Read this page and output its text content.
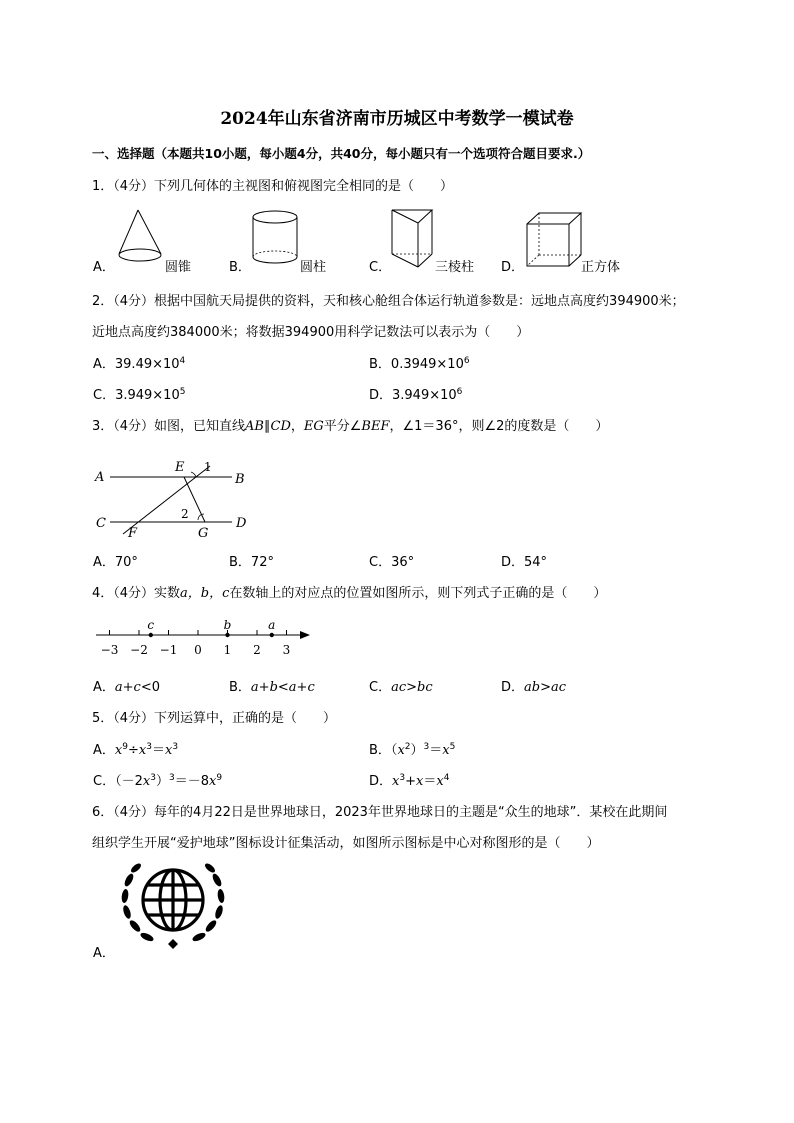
2024年山东省济南市历城区中考数学一模试卷
一、选择题（本题共10小题，每小题4分，共40分，每小题只有一个选项符合题目要求.）
1．（4分）下列几何体的主视图和俯视图完全相同的是（　　）
A．	圆锥	B．	圆柱	C．	三棱柱 D．	正方体
2．（4分）根据中国航天局提供的资料，天和核心舱组合体运行轨道参数是：远地点高度约394900米；
近地点高度约384000米；将数据394900用科学记数法可以表示为（　　）
A．$39.49\times 10^4$	B．$0.3949\times 10^6$
C．$3.949\times 10^5$	D．$3.949\times 10^6$
3．（4分）如图，已知直线AB∥CD，EG平分∠BEF，∠1＝36°，则∠2的度数是（　　）
A	B
C	D
E
F	G
1
2
A．70°	B．72°	C．36°	D．54°
4．（4分）实数a，b，c在数轴上的对应点的位置如图所示，则下列式子正确的是（　　）
−3 −2 −1 0 1 2 3
c	b	a
A．a+c<0	B．a+b<a+c	C．ac>bc	D．ab>ac
5．（4分）下列运算中，正确的是（　　）
A．$x^9\div x^3=x^3$	B．$(x^2)^3=x^5$
C．$(-2x^3)^3=-8x^9$	D．$x^3+x=x^4$
6．（4分）每年的4月22日是世界地球日，2023年世界地球日的主题是“众生的地球”．某校在此期间
组织学生开展“爱护地球”图标设计征集活动，如图所示图标是中心对称图形的是（　　）
A．
